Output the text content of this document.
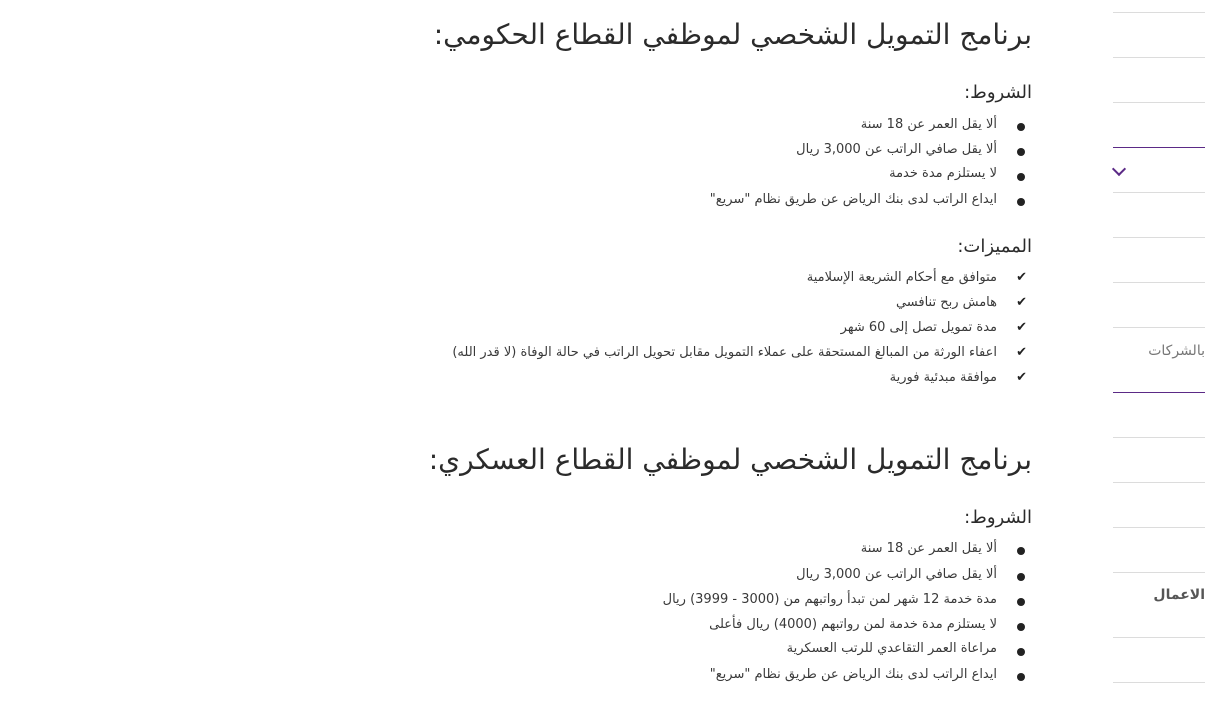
برنامج التمويل الشخصي لموظفي القطاع الحكومي:
الشروط:
ألا يقل العمر عن 18 سنة
ألا يقل صافي الراتب عن 3,000 ريال
لا يستلزم مدة خدمة
ايداع الراتب لدى بنك الرياض عن طريق نظام "سريع"
المميزات:
✔
متوافق مع أحكام الشريعة الإسلامية
✔
هامش ربح تنافسي
✔
مدة تمويل تصل إلى 60 شهر
✔
اعفاء الورثة من المبالغ المستحقة على عملاء التمويل مقابل تحويل الراتب في حالة الوفاة (لا قدر الله)
✔
موافقة مبدئية فورية
برنامج التمويل الشخصي لموظفي القطاع العسكري:
الشروط:
ألا يقل العمر عن 18 سنة
ألا يقل صافي الراتب عن 3,000 ريال
مدة خدمة 12 شهر لمن تبدأ رواتبهم من (3000 - 3999) ريال
لا يستلزم مدة خدمة لمن رواتبهم (4000) ريال فأعلى
مراعاة العمر التقاعدي للرتب العسكرية
ايداع الراتب لدى بنك الرياض عن طريق نظام "سريع"
بالشركات
الاعمال
